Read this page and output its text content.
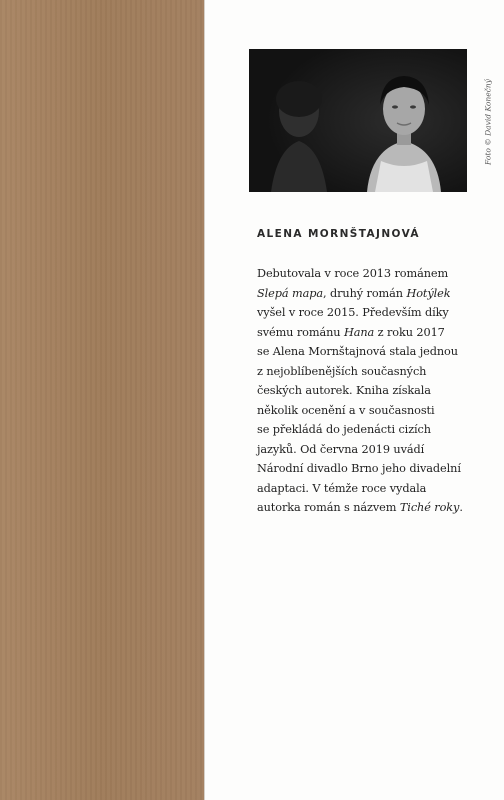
Foto © David Konečný
ALENA MORNŠTAJNOVÁ
Debutovala v roce 2013 románem
Slepá mapa, druhý román Hotýlek
vyšel v roce 2015. Především díky
svému románu Hana z roku 2017
se Alena Mornštajnová stala jednou
z nejoblíbenějších současných
českých autorek. Kniha získala
několik ocenění a v současnosti
se překládá do jedenácti cizích
jazyků. Od června 2019 uvádí
Národní divadlo Brno jeho divadelní
adaptaci. V témže roce vydala
autorka román s názvem Tiché roky.
